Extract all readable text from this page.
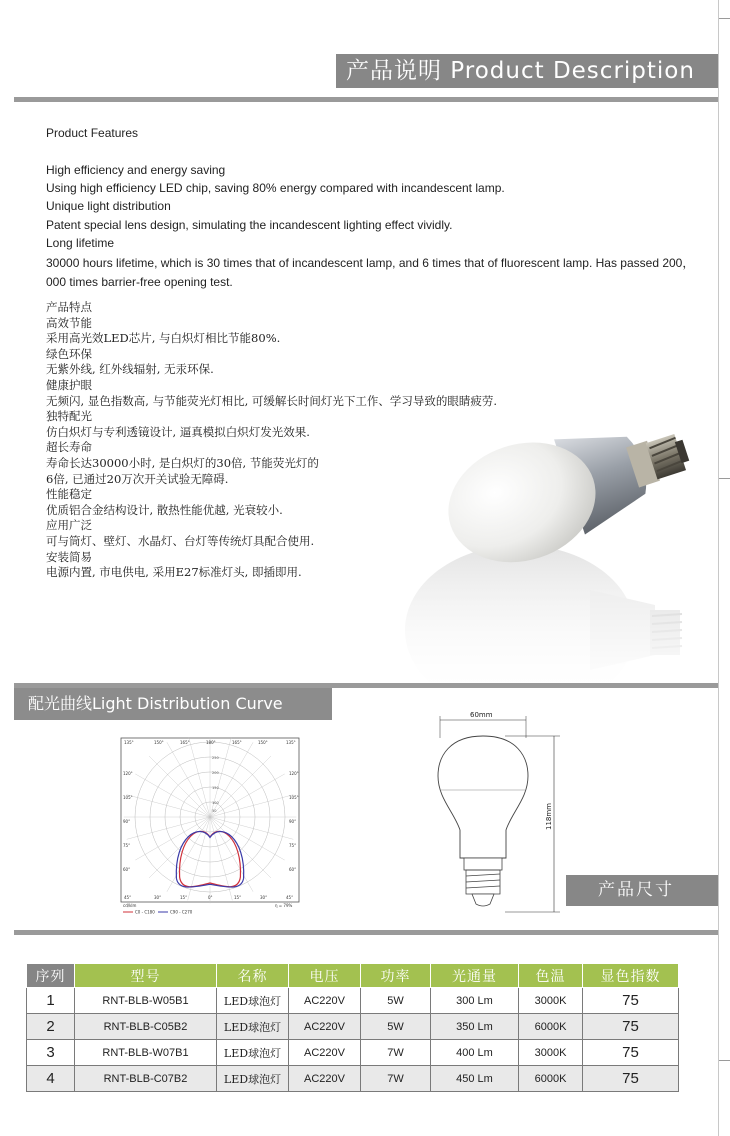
产品说明 Product Description
Product Features
High efficiency and energy saving
Using high efficiency LED chip, saving 80% energy compared with incandescent lamp.
Unique light distribution
Patent special lens design, simulating the incandescent lighting effect vividly.
Long lifetime
30000 hours lifetime, which is 30 times that of incandescent lamp, and 6 times that of fluorescent lamp. Has passed 200，000 times barrier-free opening test.
产品特点
高效节能
采用高光效LED芯片, 与白炽灯相比节能80%.
绿色环保
无紫外线, 红外线辐射, 无汞环保.
健康护眼
无频闪, 显色指数高, 与节能荧光灯相比, 可缓解长时间灯光下工作、学习导致的眼睛疲劳.
独特配光
仿白炽灯与专利透镜设计, 逼真模拟白炽灯发光效果.
超长寿命
寿命长达30000小时, 是白炽灯的30倍, 节能荧光灯的
6倍, 已通过20万次开关试验无障碍.
性能稳定
优质铝合金结构设计, 散热性能优越, 光衰较小.
应用广泛
可与筒灯、壁灯、水晶灯、台灯等传统灯具配合使用.
安装简易
电源内置, 市电供电, 采用E27标准灯头, 即插即用.
配光曲线Light Distribution Curve
135°	150°	165°	180°	165°	150°	135°
120°
105°
90°
75°
60°
120°
105°
90°
75°
60°
45°	30°	15°	0°	15°	30°	45°
250
200
150
100
50
cd/klm	η = 79%
C0 - C180	C90 - C270
60mm
118mm
产品尺寸
序列	型号	名称	电压	功率	光通量	色温	显色指数
1	RNT-BLB-W05B1	LED球泡灯	AC220V	5W	300 Lm	3000K	75
2	RNT-BLB-C05B2	LED球泡灯	AC220V	5W	350 Lm	6000K	75
3	RNT-BLB-W07B1	LED球泡灯	AC220V	7W	400 Lm	3000K	75
4	RNT-BLB-C07B2	LED球泡灯	AC220V	7W	450 Lm	6000K	75
